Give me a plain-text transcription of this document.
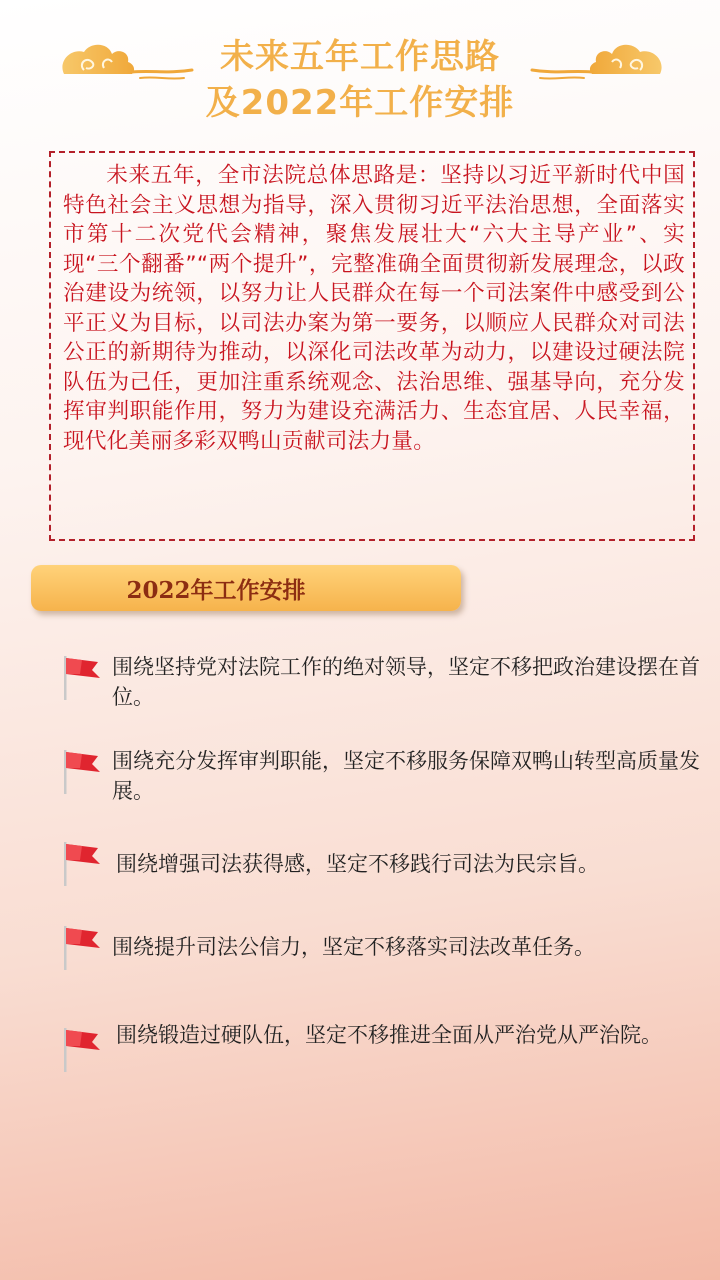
未来五年工作思路
及2022年工作安排

未来五年，全市法院总体思路是：坚持以习近平新时代中国特色社会主义思想为指导，深入贯彻习近平法治思想，全面落实市第十二次党代会精神，聚焦发展壮大“六大主导产业”、实现“三个翻番”“两个提升”，完整准确全面贯彻新发展理念，以政治建设为统领，以努力让人民群众在每一个司法案件中感受到公平正义为目标，以司法办案为第一要务，以顺应人民群众对司法公正的新期待为推动，以深化司法改革为动力，以建设过硬法院队伍为己任，更加注重系统观念、法治思维、强基导向，充分发挥审判职能作用，努力为建设充满活力、生态宜居、人民幸福，现代化美丽多彩双鸭山贡献司法力量。

2022年工作安排

围绕坚持党对法院工作的绝对领导，坚定不移把政治建设摆在首位。

围绕充分发挥审判职能，坚定不移服务保障双鸭山转型高质量发展。

围绕增强司法获得感，坚定不移践行司法为民宗旨。

围绕提升司法公信力，坚定不移落实司法改革任务。

围绕锻造过硬队伍，坚定不移推进全面从严治党从严治院。
